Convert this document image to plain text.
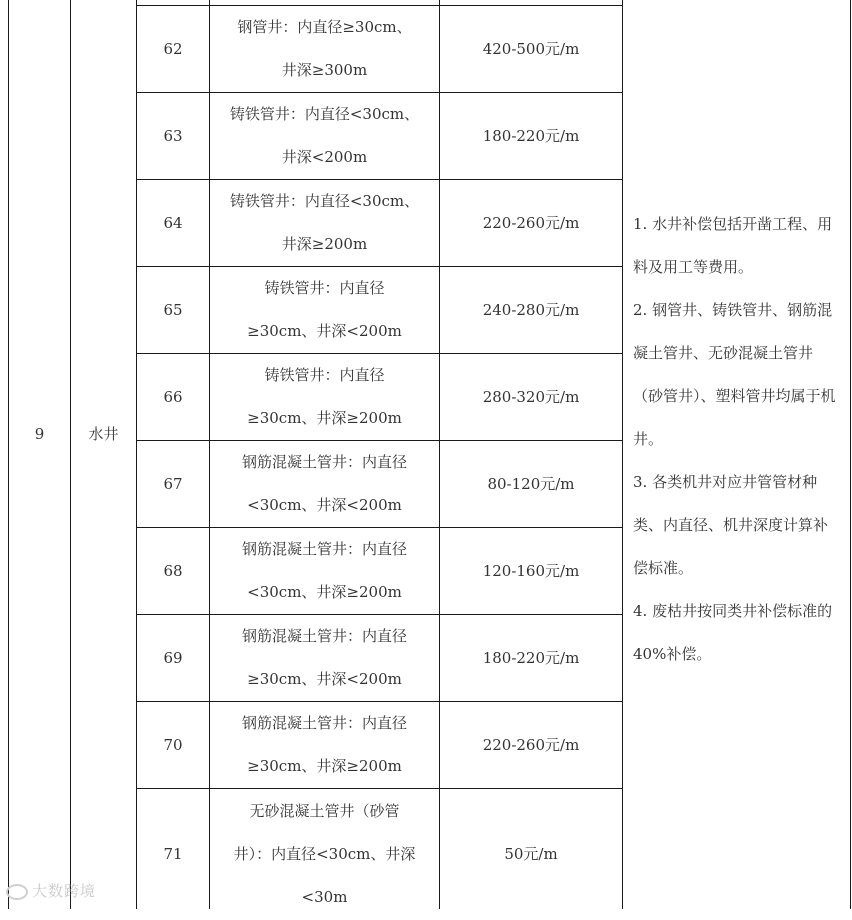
9	水井
62
钢管井：内直径≥30cm、
井深≥300m
420-500元/m
63
铸铁管井：内直径<30cm、
井深<200m
180-220元/m
64
铸铁管井：内直径<30cm、
井深≥200m
220-260元/m
65
铸铁管井：内直径
≥30cm、井深<200m
240-280元/m
66
铸铁管井：内直径
≥30cm、井深≥200m
280-320元/m
67
钢筋混凝土管井：内直径
<30cm、井深<200m
80-120元/m
68
钢筋混凝土管井：内直径
<30cm、井深≥200m
120-160元/m
69
钢筋混凝土管井：内直径
≥30cm、井深<200m
180-220元/m
70
钢筋混凝土管井：内直径
≥30cm、井深≥200m
220-260元/m
71
无砂混凝土管井（砂管
井）：内直径<30cm、井深
<30m
50元/m
1. 水井补偿包括开凿工程、用料及用工等费用。
2. 钢管井、铸铁管井、钢筋混凝土管井、无砂混凝土管井（砂管井）、塑料管井均属于机井。
3. 各类机井对应井管管材种类、内直径、机井深度计算补偿标准。
4. 废枯井按同类井补偿标准的40%补偿。
大数跨境
